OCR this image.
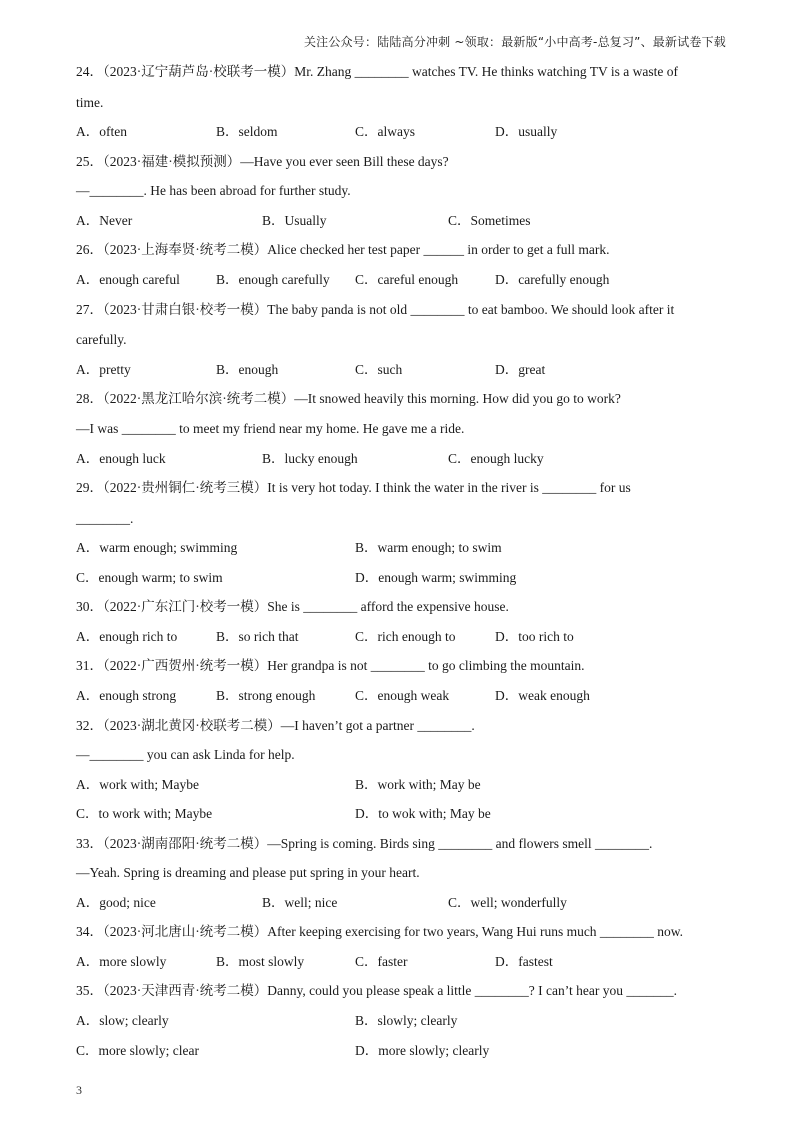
关注公众号：陆陆高分冲刺 ~领取：最新版“小中高考-总复习”、最新试卷下载
24．（2023·辽宁葫芦岛·校联考一模）Mr. Zhang ________ watches TV. He thinks watching TV is a waste of
time.
A．often	B．seldom	C．always	D．usually
25．（2023·福建·模拟预测）—Have you ever seen Bill these days?
—________. He has been abroad for further study.
A．Never	B．Usually	C．Sometimes
26．（2023·上海奉贤·统考二模）Alice checked her test paper ______ in order to get a full mark.
A．enough careful	B．enough carefully C．careful enough	D．carefully enough
27．（2023·甘肃白银·校考一模）The baby panda is not old ________ to eat bamboo. We should look after it
carefully.
A．pretty	B．enough	C．such	D．great
28．（2022·黑龙江哈尔滨·统考二模）—It snowed heavily this morning. How did you go to work?
—I was ________ to meet my friend near my home. He gave me a ride.
A．enough luck	B．lucky enough	C．enough lucky
29．（2022·贵州铜仁·统考三模）It is very hot today. I think the water in the river is ________ for us
________.
A．warm enough; swimming	B．warm enough; to swim
C．enough warm; to swim	D．enough warm; swimming
30．（2022·广东江门·校考一模）She is ________ afford the expensive house.
A．enough rich to	B．so rich that	C．rich enough to	D．too rich to
31．（2022·广西贺州·统考一模）Her grandpa is not ________ to go climbing the mountain.
A．enough strong	B．strong enough	C．enough weak	D．weak enough
32．（2023·湖北黄冈·校联考二模）—I haven’t got a partner ________.
—________ you can ask Linda for help.
A．work with; Maybe	B．work with; May be
C．to work with; Maybe	D．to wok with; May be
33．（2023·湖南邵阳·统考二模）—Spring is coming. Birds sing ________ and flowers smell ________.
—Yeah. Spring is dreaming and please put spring in your heart.
A．good; nice	B．well; nice	C．well; wonderfully
34．（2023·河北唐山·统考二模）After keeping exercising for two years, Wang Hui runs much ________ now.
A．more slowly	B．most slowly	C．faster	D．fastest
35．（2023·天津西青·统考二模）Danny, could you please speak a little ________? I can’t hear you _______.
A．slow; clearly	B．slowly; clearly
C．more slowly; clear	D．more slowly; clearly
3
